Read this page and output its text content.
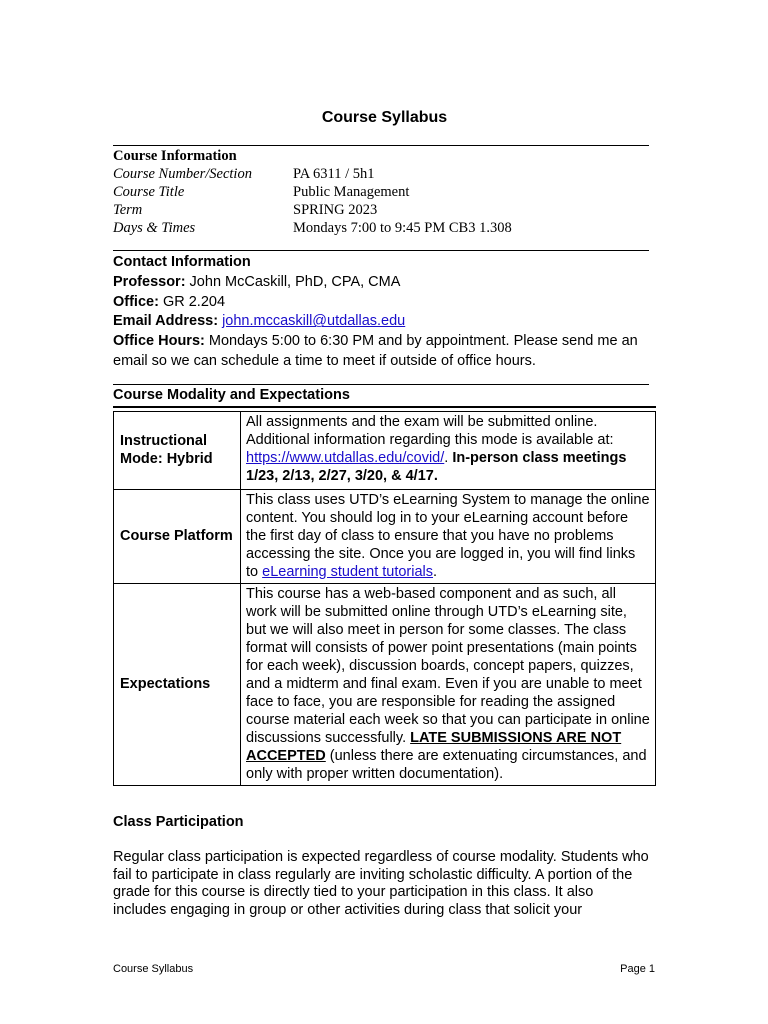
Course Syllabus
Course Information
Course Number/Section	PA 6311 / 5h1
Course Title	Public Management
Term	SPRING 2023
Days & Times	Mondays 7:00 to 9:45 PM CB3 1.308
Contact Information
Professor: John McCaskill, PhD, CPA, CMA
Office: GR 2.204
Email Address: john.mccaskill@utdallas.edu
Office Hours: Mondays 5:00 to 6:30 PM and by appointment. Please send me an email so we can schedule a time to meet if outside of office hours.
Course Modality and Expectations
Instructional Mode: Hybrid	All assignments and the exam will be submitted online. Additional information regarding this mode is available at: https://www.utdallas.edu/covid/. In-person class meetings 1/23, 2/13, 2/27, 3/20, & 4/17.
Course Platform	This class uses UTD’s eLearning System to manage the online content. You should log in to your eLearning account before the first day of class to ensure that you have no problems accessing the site. Once you are logged in, you will find links to eLearning student tutorials.
Expectations	This course has a web-based component and as such, all work will be submitted online through UTD’s eLearning site, but we will also meet in person for some classes. The class format will consists of power point presentations (main points for each week), discussion boards, concept papers, quizzes, and a midterm and final exam. Even if you are unable to meet face to face, you are responsible for reading the assigned course material each week so that you can participate in online discussions successfully. LATE SUBMISSIONS ARE NOT ACCEPTED (unless there are extenuating circumstances, and only with proper written documentation).
Class Participation
Regular class participation is expected regardless of course modality. Students who fail to participate in class regularly are inviting scholastic difficulty. A portion of the grade for this course is directly tied to your participation in this class. It also includes engaging in group or other activities during class that solicit your
Course Syllabus	Page 1
